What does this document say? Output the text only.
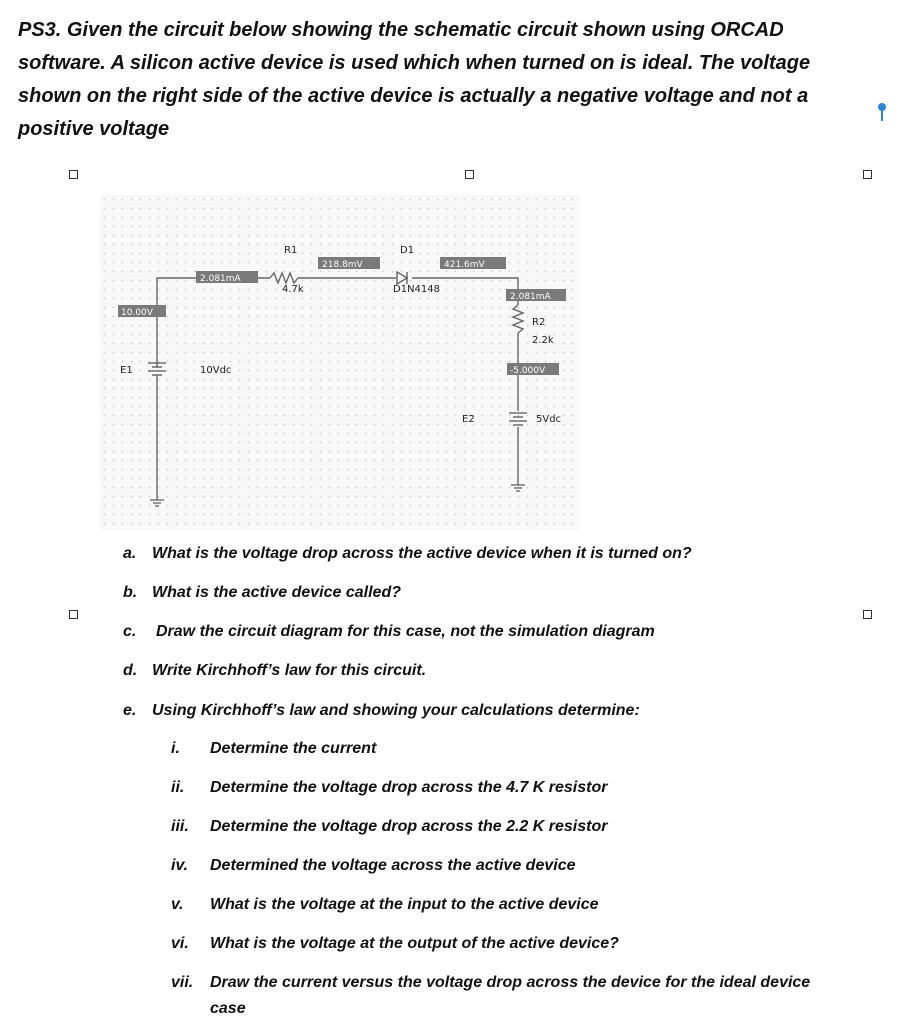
PS3. Given the circuit below showing the schematic circuit shown using ORCAD software. A silicon active device is used which when turned on is ideal. The voltage shown on the right side of the active device is actually a negative voltage and not a positive voltage
R1
4.7k
D1
D1N4148
R2
2.2k
E1	10Vdc
E2	5Vdc
10.00V
2.081mA
218.8mV	421.6mV
2.081mA
-5.000V

a. What is the voltage drop across the active device when it is turned on?

b. What is the active device called?

c. Draw the circuit diagram for this case, not the simulation diagram

d. Write Kirchhoff’s law for this circuit.

e. Using Kirchhoff’s law and showing your calculations determine:

i. Determine the current

ii. Determine the voltage drop across the 4.7 K resistor

iii. Determine the voltage drop across the 2.2 K resistor

iv. Determined the voltage across the active device

v. What is the voltage at the input to the active device

vi. What is the voltage at the output of the active device?

vii. Draw the current versus the voltage drop across the device for the ideal device

case
